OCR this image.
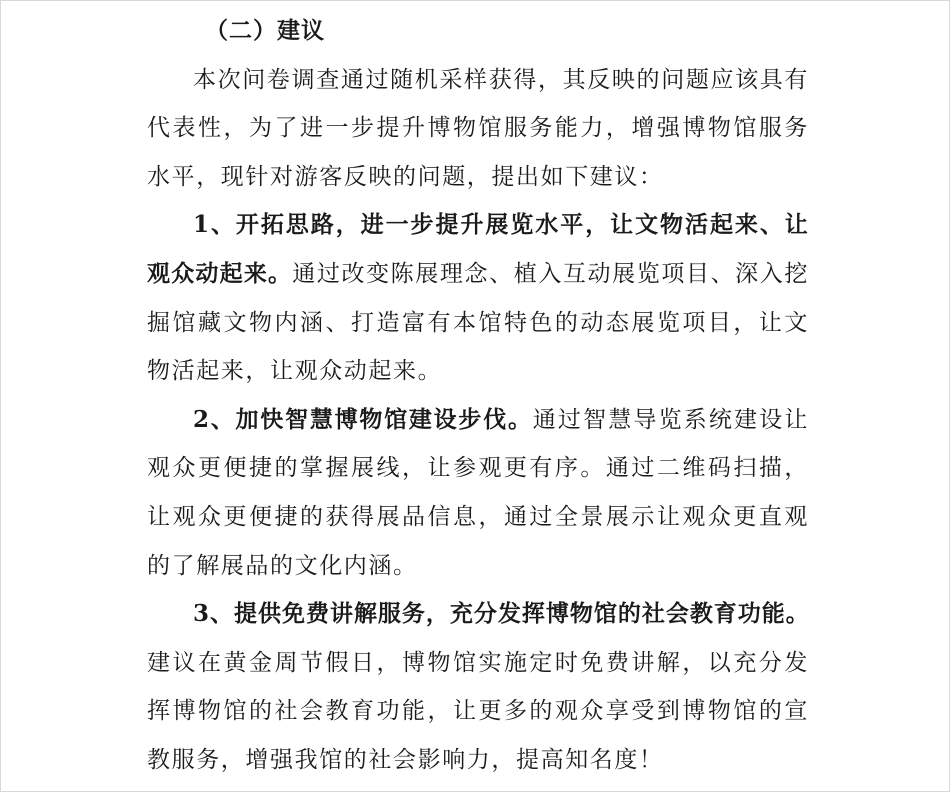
（二）建议

本次问卷调查通过随机采样获得，其反映的问题应该具有代表性，为了进一步提升博物馆服务能力，增强博物馆服务水平，现针对游客反映的问题，提出如下建议：

1、开拓思路，进一步提升展览水平，让文物活起来、让观众动起来。通过改变陈展理念、植入互动展览项目、深入挖掘馆藏文物内涵、打造富有本馆特色的动态展览项目，让文物活起来，让观众动起来。

2、加快智慧博物馆建设步伐。通过智慧导览系统建设让观众更便捷的掌握展线，让参观更有序。通过二维码扫描，让观众更便捷的获得展品信息，通过全景展示让观众更直观的了解展品的文化内涵。

3、提供免费讲解服务，充分发挥博物馆的社会教育功能。建议在黄金周节假日，博物馆实施定时免费讲解，以充分发挥博物馆的社会教育功能，让更多的观众享受到博物馆的宣教服务，增强我馆的社会影响力，提高知名度！
